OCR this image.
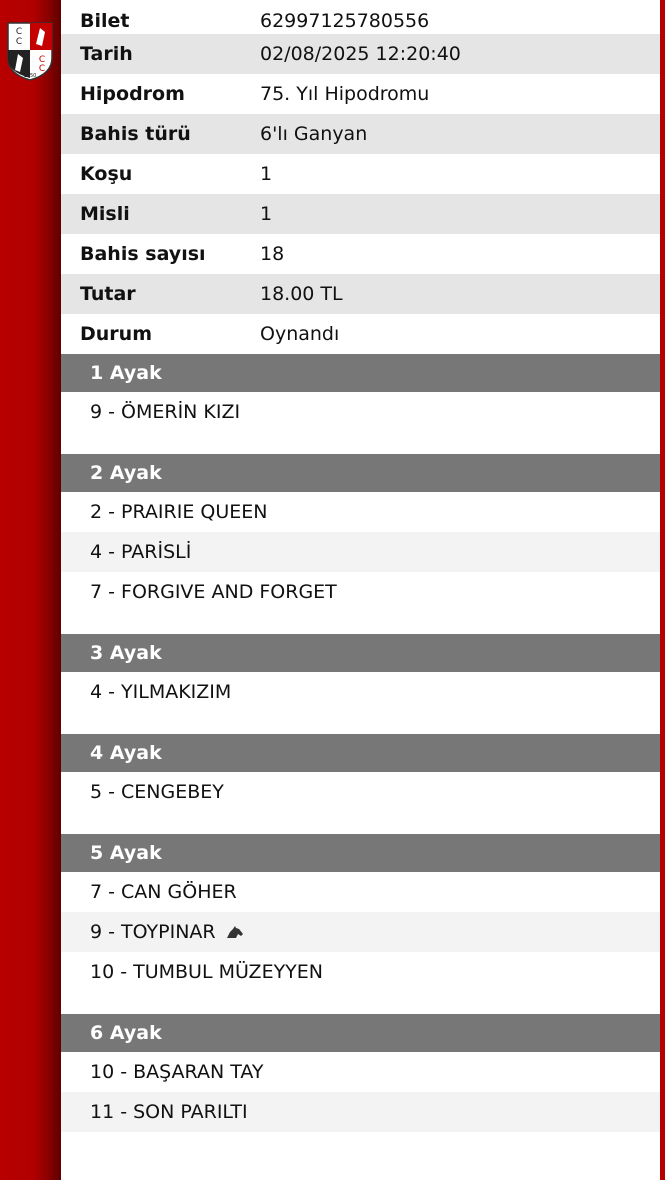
C
C
C
C
1950
Bilet	62997125780556
Tarih	02/08/2025 12:20:40
Hipodrom	75. Yıl Hipodromu
Bahis türü	6'lı Ganyan
Koşu	1
Misli	1
Bahis sayısı	18
Tutar	18.00 TL
Durum	Oynandı
1 Ayak
9 - ÖMERİN KIZI
2 Ayak
2 - PRAIRIE QUEEN
4 - PARİSLİ
7 - FORGIVE AND FORGET
3 Ayak
4 - YILMAKIZIM
4 Ayak
5 - CENGEBEY
5 Ayak
7 - CAN GÖHER
9 - TOYPINAR
10 - TUMBUL MÜZEYYEN
6 Ayak
10 - BAŞARAN TAY
11 - SON PARILTI
